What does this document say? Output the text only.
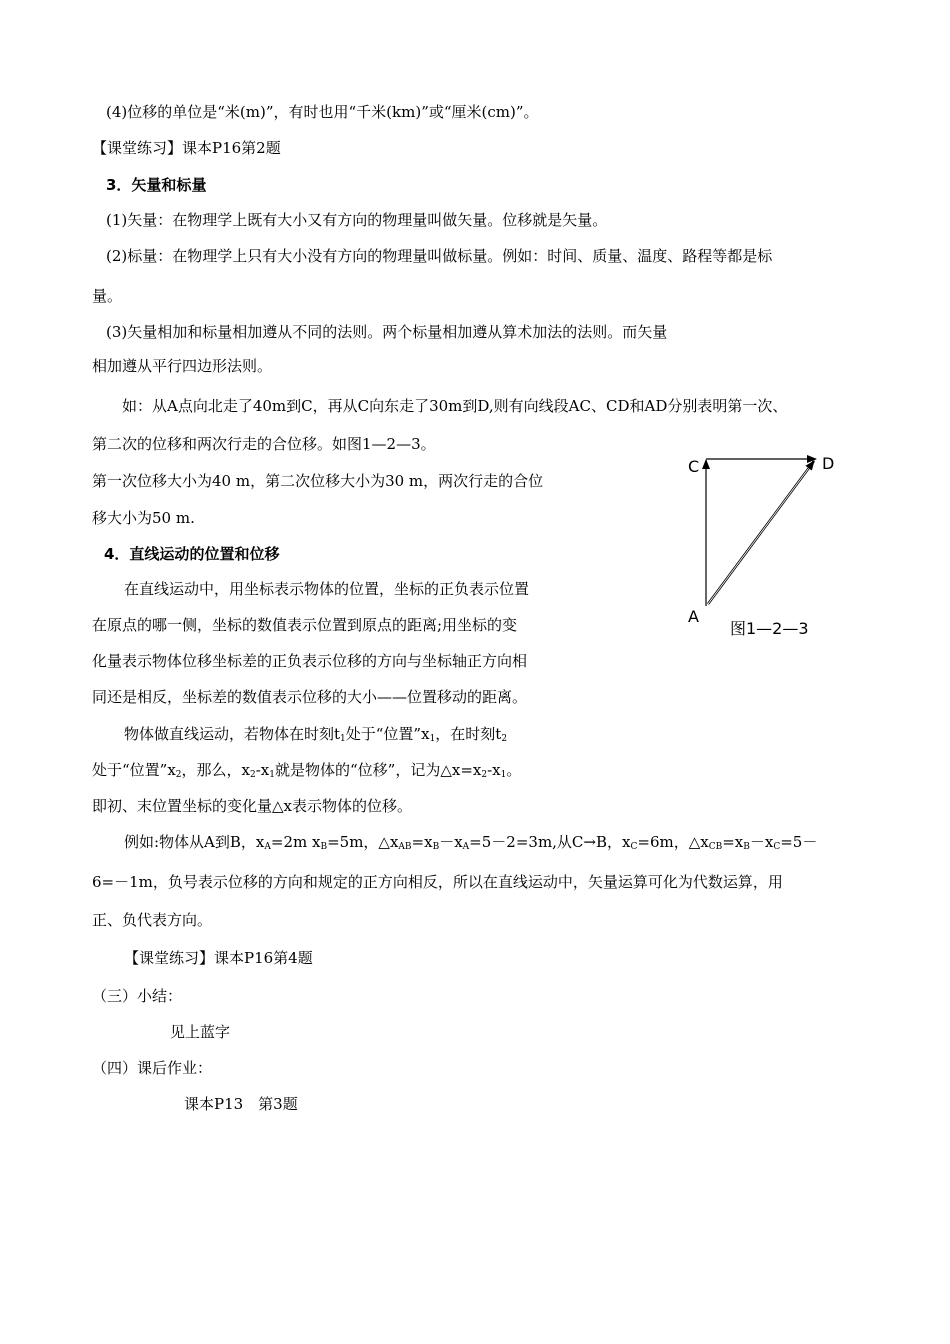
(4)位移的单位是“米(m)”，有时也用“千米(km)”或“厘米(cm)”。
【课堂练习】课本P16第2题
3．矢量和标量
(1)矢量：在物理学上既有大小又有方向的物理量叫做矢量。位移就是矢量。
(2)标量：在物理学上只有大小没有方向的物理量叫做标量。例如：时间、质量、温度、路程等都是标
量。
(3)矢量相加和标量相加遵从不同的法则。两个标量相加遵从算术加法的法则。而矢量
相加遵从平行四边形法则。
如：从A点向北走了40m到C，再从C向东走了30m到D,则有向线段AC、CD和AD分别表明第一次、
第二次的位移和两次行走的合位移。如图1—2—3。
第一次位移大小为40 m，第二次位移大小为30 m，两次行走的合位
移大小为50 m.
4．直线运动的位置和位移
在直线运动中，用坐标表示物体的位置，坐标的正负表示位置
在原点的哪一侧，坐标的数值表示位置到原点的距离;用坐标的变
化量表示物体位移坐标差的正负表示位移的方向与坐标轴正方向相
同还是相反，坐标差的数值表示位移的大小——位置移动的距离。
物体做直线运动，若物体在时刻$t_1$处于“位置$”x_1$，在时刻$t_2$
处于“位置$”x_2$，那么，$x_2-x_1$就是物体的“位移”，记为$\triangle x=x_2-x_1$。
即初、末位置坐标的变化量△x表示物体的位移。
例如:物体从A到B，$x_A=2m$ $x_B=5m$，$\triangle x_{AB}=x_B-x_A=5-2=3m$,从C→B，$x_C=6m$，$\triangle x_{CB}=x_B-x_C=5-$
6=－1m，负号表示位移的方向和规定的正方向相反，所以在直线运动中，矢量运算可化为代数运算，用
正、负代表方向。
【课堂练习】课本P16第4题
（三）小结：
见上蓝字
（四）课后作业：
课本P13　第3题
C	D
A
图1—2—3
